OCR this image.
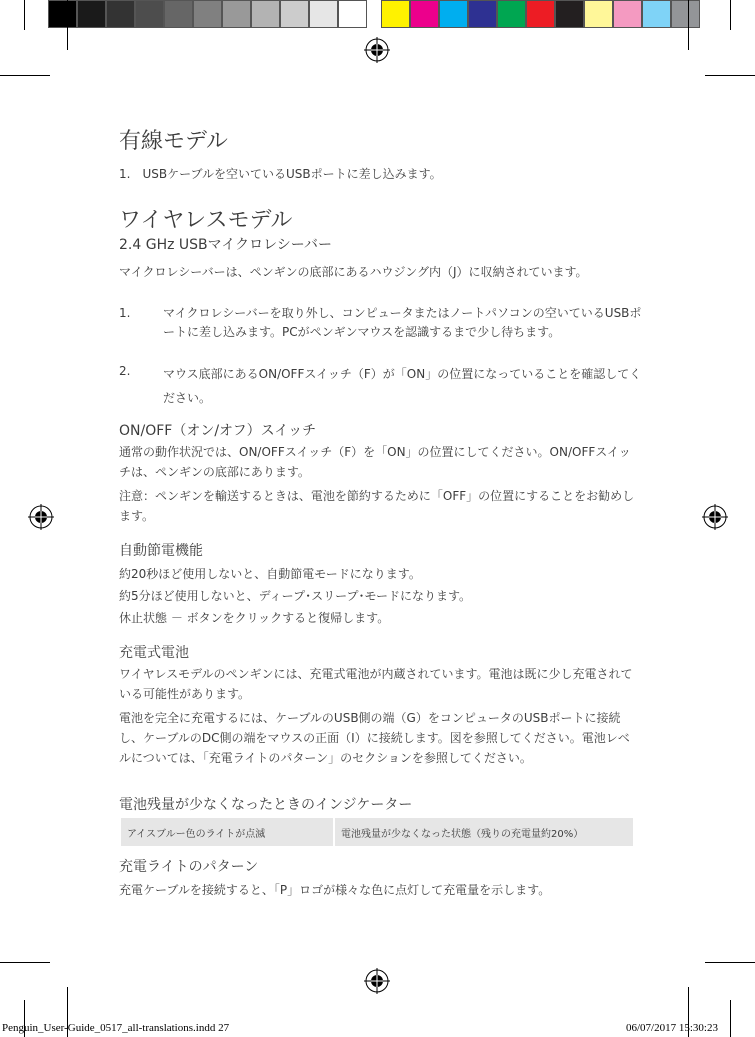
有線モデル

1.　USBケーブルを空いているUSBポートに差し込みます。

ワイヤレスモデル
2.4 GHz USBマイクロレシーバー

マイクロレシーバーは、ペンギンの底部にあるハウジング内（J）に収納されています。

1.	マイクロレシーバーを取り外し、コンピュータまたはノートパソコンの空いているUSBポートに差し込みます。PCがペンギンマウスを認識するまで少し待ちます。
2.	マウス底部にあるON/OFFスイッチ（F）が「ON」の位置になっていることを確認してください。
ON/OFF（オン/オフ）スイッチ

通常の動作状況では、ON/OFFスイッチ（F）を「ON」の位置にしてください。ON/OFFスイッチは、ペンギンの底部にあります。

注意：ペンギンを輸送するときは、電池を節約するために「OFF」の位置にすることをお勧めします。

自動節電機能

約20秒ほど使用しないと、自動節電モードになります。

約5分ほど使用しないと、ディープ･スリープ･モードになります。

休止状態 － ボタンをクリックすると復帰します。

充電式電池

ワイヤレスモデルのペンギンには、充電式電池が内蔵されています。電池は既に少し充電されている可能性があります。

電池を完全に充電するには、ケーブルのUSB側の端（G）をコンピュータのUSBポートに接続し、ケーブルのDC側の端をマウスの正面（I）に接続します。図を参照してください。電池レベルについては、「充電ライトのパターン」のセクションを参照してください。

電池残量が少なくなったときのインジケーター
アイスブルー色のライトが点滅	電池残量が少なくなった状態（残りの充電量約20%）
充電ライトのパターン

充電ケーブルを接続すると、「P」ロゴが様々な色に点灯して充電量を示します。

Penguin_User-Guide_0517_all-translations.indd 27	06/07/2017 15:30:23
